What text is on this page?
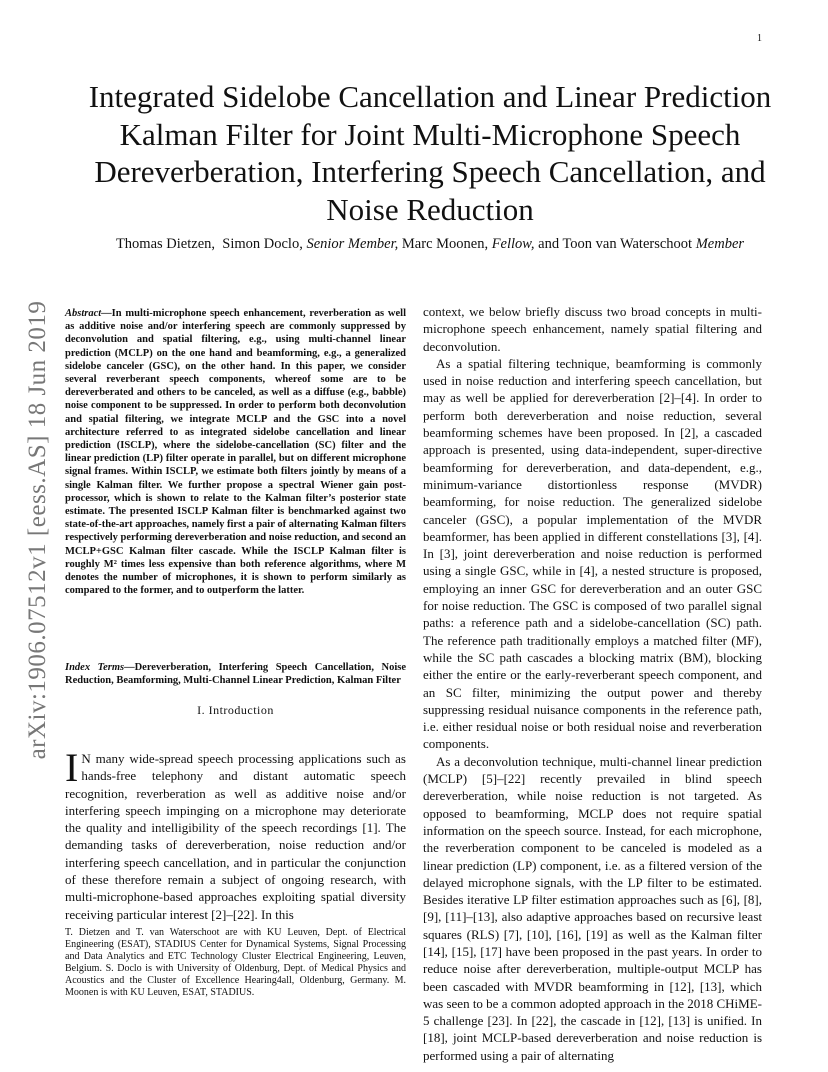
1
arXiv:1906.07512v1 [eess.AS] 18 Jun 2019
Integrated Sidelobe Cancellation and Linear Prediction Kalman Filter for Joint Multi-Microphone Speech Dereverberation, Interfering Speech Cancellation, and Noise Reduction
Thomas Dietzen, Simon Doclo, Senior Member, Marc Moonen, Fellow, and Toon van Waterschoot Member

Abstract—In multi-microphone speech enhancement, reverberation as well as additive noise and/or interfering speech are commonly suppressed by deconvolution and spatial filtering, e.g., using multi-channel linear prediction (MCLP) on the one hand and beamforming, e.g., a generalized sidelobe canceler (GSC), on the other hand. In this paper, we consider several reverberant speech components, whereof some are to be dereverberated and others to be canceled, as well as a diffuse (e.g., babble) noise component to be suppressed. In order to perform both deconvolution and spatial filtering, we integrate MCLP and the GSC into a novel architecture referred to as integrated sidelobe cancellation and linear prediction (ISCLP), where the sidelobe-cancellation (SC) filter and the linear prediction (LP) filter operate in parallel, but on different microphone signal frames. Within ISCLP, we estimate both filters jointly by means of a single Kalman filter. We further propose a spectral Wiener gain post-processor, which is shown to relate to the Kalman filter’s posterior state estimate. The presented ISCLP Kalman filter is benchmarked against two state-of-the-art approaches, namely first a pair of alternating Kalman filters respectively performing dereverberation and noise reduction, and second an MCLP+GSC Kalman filter cascade. While the ISCLP Kalman filter is roughly M² times less expensive than both reference algorithms, where M denotes the number of microphones, it is shown to perform similarly as compared to the former, and to outperform the latter.

Index Terms—Dereverberation, Interfering Speech Cancellation, Noise Reduction, Beamforming, Multi-Channel Linear Prediction, Kalman Filter

I. Introduction

I N many wide-spread speech processing applications such as hands-free telephony and distant automatic speech recognition, reverberation as well as additive noise and/or interfering speech impinging on a microphone may deteriorate the quality and intelligibility of the speech recordings [1]. The demanding tasks of dereverberation, noise reduction and/or interfering speech cancellation, and in particular the conjunction of these therefore remain a subject of ongoing research, with multi-microphone-based approaches exploiting spatial diversity receiving particular interest [2]–[22]. In this

T. Dietzen and T. van Waterschoot are with KU Leuven, Dept. of Electrical Engineering (ESAT), STADIUS Center for Dynamical Systems, Signal Processing and Data Analytics and ETC Technology Cluster Electrical Engineering, Leuven, Belgium. S. Doclo is with University of Oldenburg, Dept. of Medical Physics and Acoustics and the Cluster of Excellence Hearing4all, Oldenburg, Germany. M. Moonen is with KU Leuven, ESAT, STADIUS.

context, we below briefly discuss two broad concepts in multi-microphone speech enhancement, namely spatial filtering and deconvolution.

As a spatial filtering technique, beamforming is commonly used in noise reduction and interfering speech cancellation, but may as well be applied for dereverberation [2]–[4]. In order to perform both dereverberation and noise reduction, several beamforming schemes have been proposed. In [2], a cascaded approach is presented, using data-independent, super-directive beamforming for dereverberation, and data-dependent, e.g., minimum-variance distortionless response (MVDR) beamforming, for noise reduction. The generalized sidelobe canceler (GSC), a popular implementation of the MVDR beamformer, has been applied in different constellations [3], [4]. In [3], joint dereverberation and noise reduction is performed using a single GSC, while in [4], a nested structure is proposed, employing an inner GSC for dereverberation and an outer GSC for noise reduction. The GSC is composed of two parallel signal paths: a reference path and a sidelobe-cancellation (SC) path. The reference path traditionally employs a matched filter (MF), while the SC path cascades a blocking matrix (BM), blocking either the entire or the early-reverberant speech component, and an SC filter, minimizing the output power and thereby suppressing residual nuisance components in the reference path, i.e. either residual noise or both residual noise and reverberation components.

As a deconvolution technique, multi-channel linear prediction (MCLP) [5]–[22] recently prevailed in blind speech dereverberation, while noise reduction is not targeted. As opposed to beamforming, MCLP does not require spatial information on the speech source. Instead, for each microphone, the reverberation component to be canceled is modeled as a linear prediction (LP) component, i.e. as a filtered version of the delayed microphone signals, with the LP filter to be estimated. Besides iterative LP filter estimation approaches such as [6], [8], [9], [11]–[13], also adaptive approaches based on recursive least squares (RLS) [7], [10], [16], [19] as well as the Kalman filter [14], [15], [17] have been proposed in the past years. In order to reduce noise after dereverberation, multiple-output MCLP has been cascaded with MVDR beamforming in [12], [13], which was seen to be a common adopted approach in the 2018 CHiME-5 challenge [23]. In [22], the cascade in [12], [13] is unified. In [18], joint MCLP-based dereverberation and noise reduction is performed using a pair of alternating
